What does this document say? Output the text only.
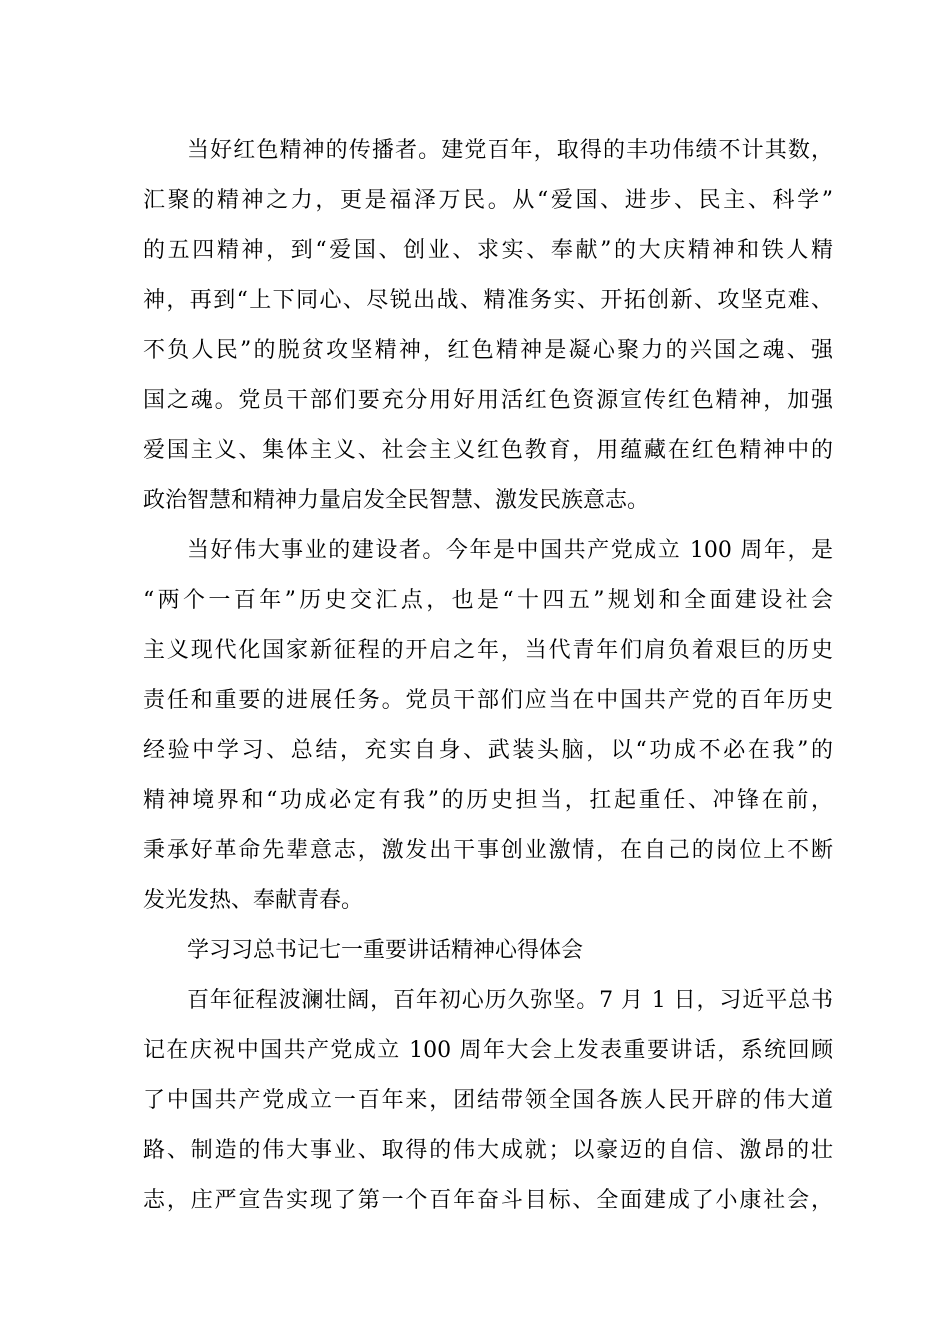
当好红色精神的传播者。建党百年，取得的丰功伟绩不计其数，
汇聚的精神之力，更是福泽万民。从“爱国、进步、民主、科学”
的五四精神，到“爱国、创业、求实、奉献”的大庆精神和铁人精
神，再到“上下同心、尽锐出战、精准务实、开拓创新、攻坚克难、
不负人民”的脱贫攻坚精神，红色精神是凝心聚力的兴国之魂、强
国之魂。党员干部们要充分用好用活红色资源宣传红色精神，加强
爱国主义、集体主义、社会主义红色教育，用蕴藏在红色精神中的
政治智慧和精神力量启发全民智慧、激发民族意志。
当好伟大事业的建设者。今年是中国共产党成立 100 周年，是
“两个一百年”历史交汇点，也是“十四五”规划和全面建设社会
主义现代化国家新征程的开启之年，当代青年们肩负着艰巨的历史
责任和重要的进展任务。党员干部们应当在中国共产党的百年历史
经验中学习、总结，充实自身、武装头脑，以“功成不必在我”的
精神境界和“功成必定有我”的历史担当，扛起重任、冲锋在前，
秉承好革命先辈意志，激发出干事创业激情，在自己的岗位上不断
发光发热、奉献青春。
学习习总书记七一重要讲话精神心得体会
百年征程波澜壮阔，百年初心历久弥坚。7 月 1 日，习近平总书
记在庆祝中国共产党成立 100 周年大会上发表重要讲话，系统回顾
了中国共产党成立一百年来，团结带领全国各族人民开辟的伟大道
路、制造的伟大事业、取得的伟大成就；以豪迈的自信、激昂的壮
志，庄严宣告实现了第一个百年奋斗目标、全面建成了小康社会，
